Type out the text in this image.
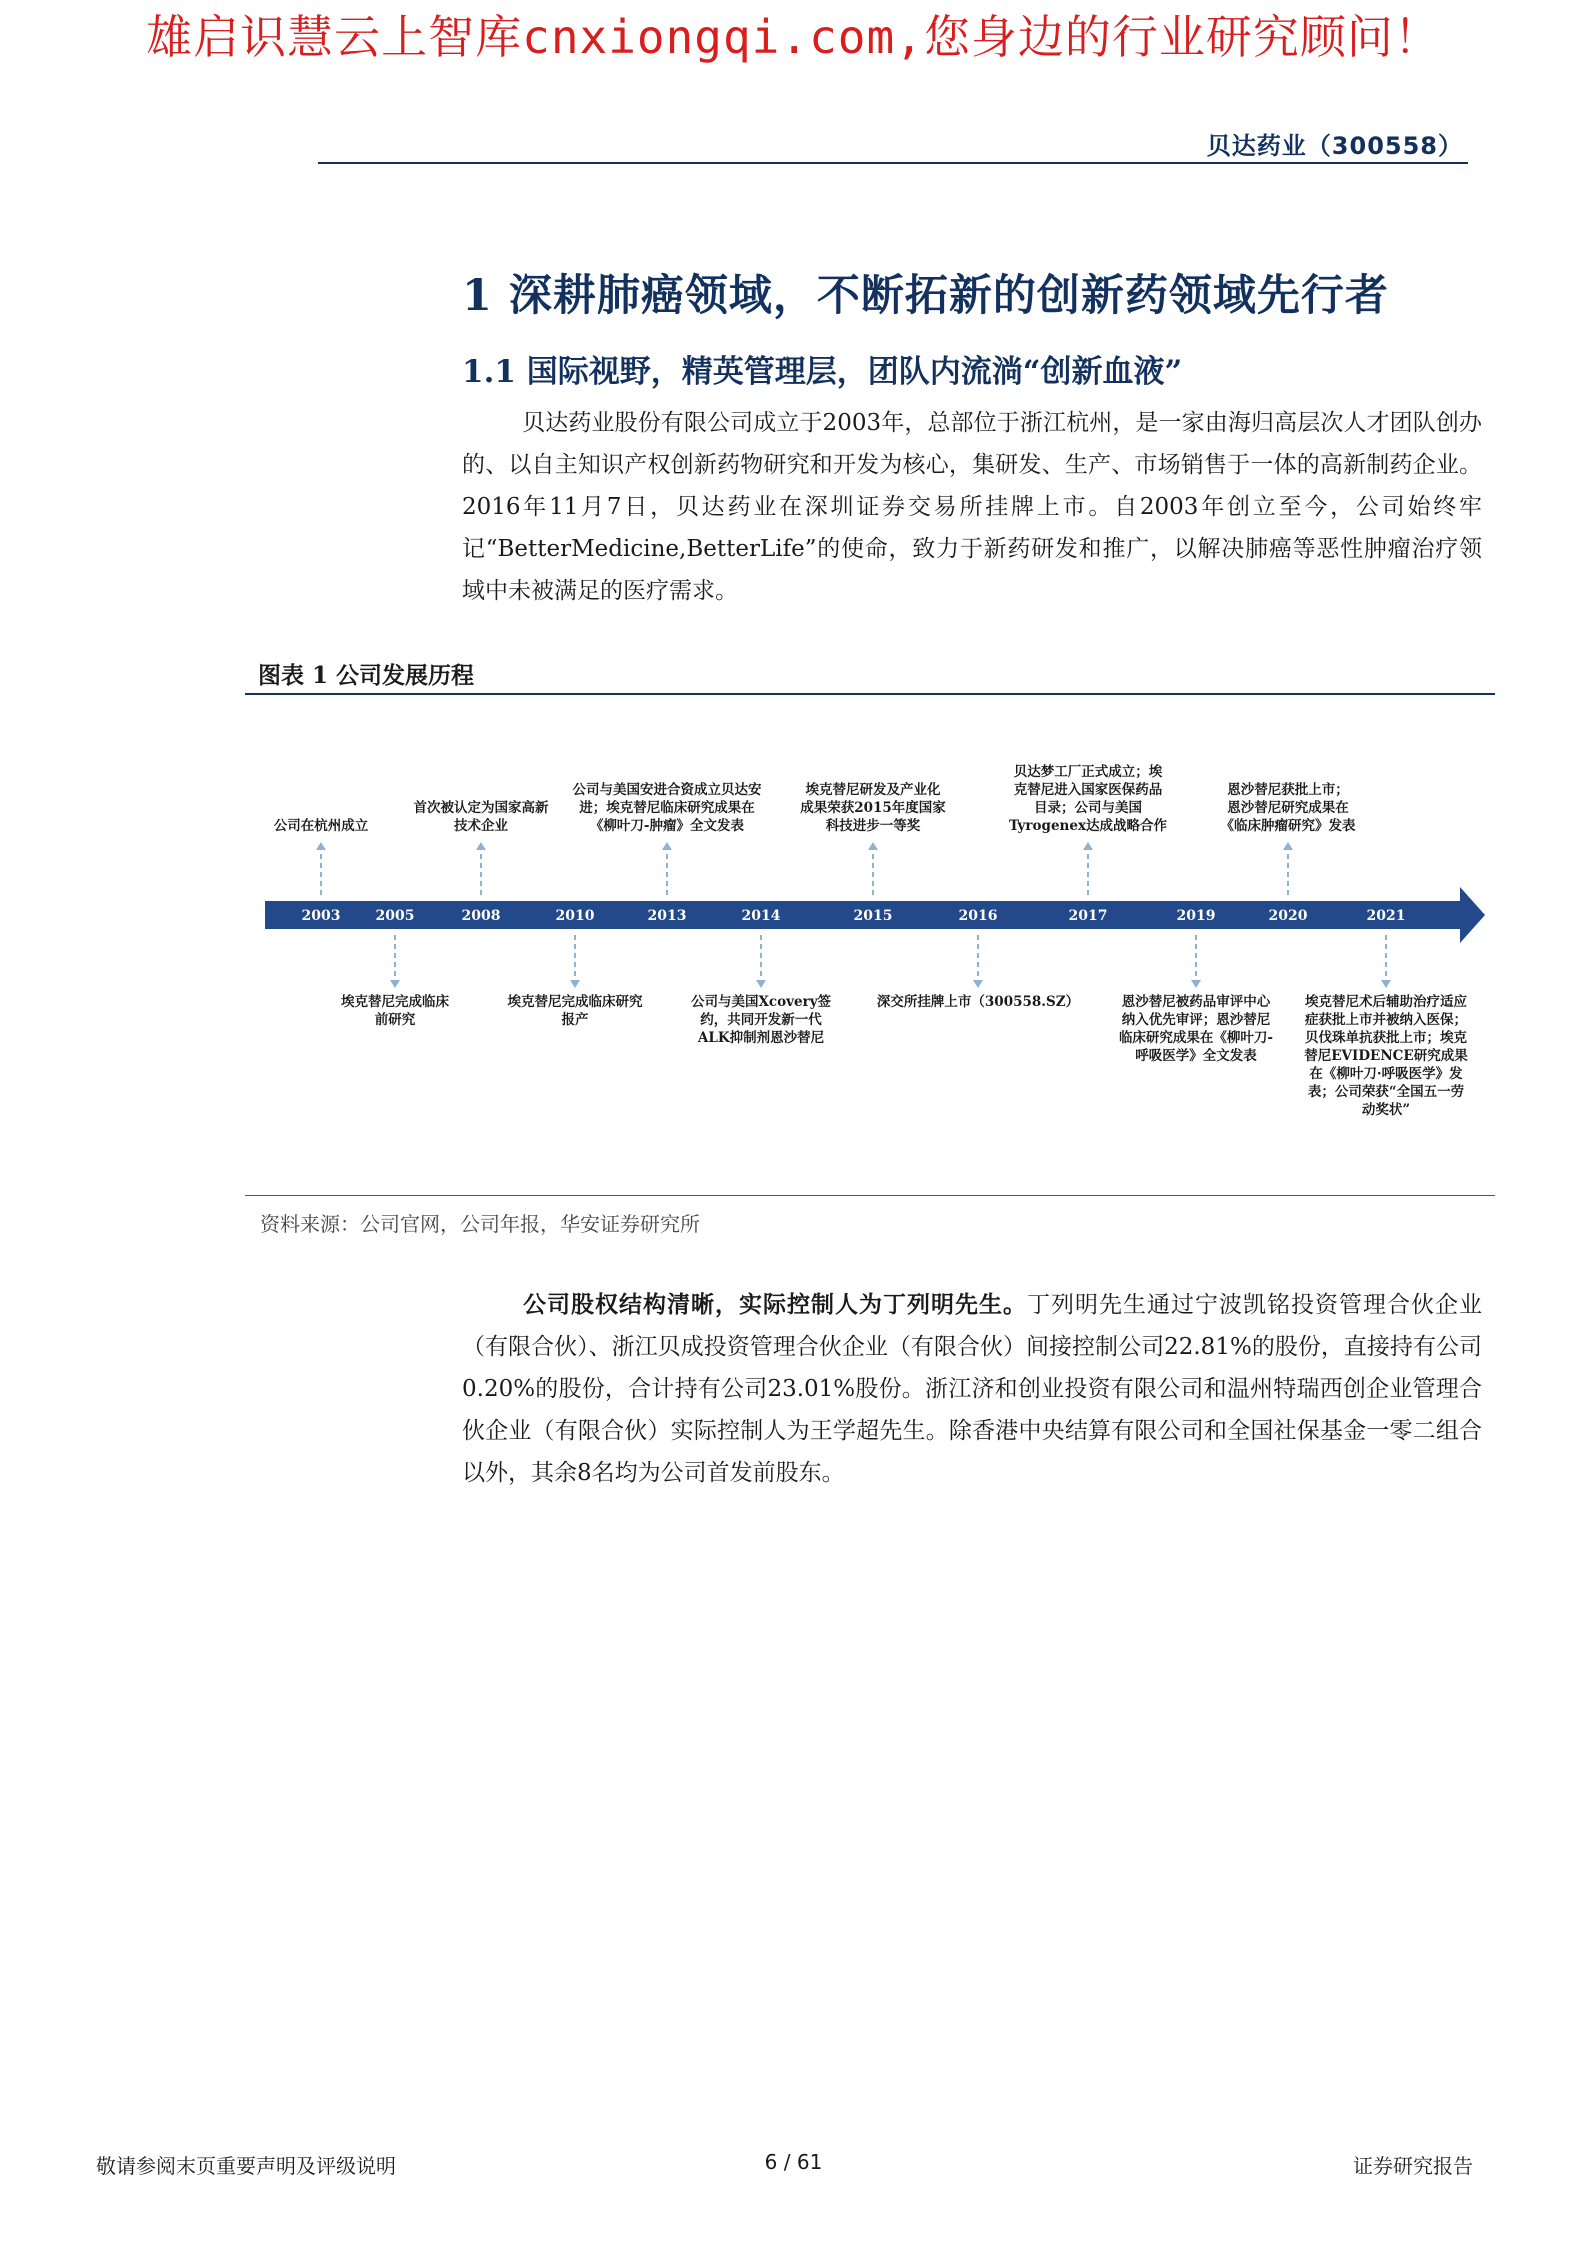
雄启识慧云上智库cnxiongqi.com,您身边的行业研究顾问！
贝达药业（300558）
1 深耕肺癌领域，不断拓新的创新药领域先行者
1.1 国际视野，精英管理层，团队内流淌“创新血液”
贝达药业股份有限公司成立于2003年，总部位于浙江杭州，是一家由海归高层次人才团队创办的、以自主知识产权创新药物研究和开发为核心，集研发、生产、市场销售于一体的高新制药企业。2016年11月7日，贝达药业在深圳证券交易所挂牌上市。自2003年创立至今，公司始终牢记“BetterMedicine,BetterLife”的使命，致力于新药研发和推广，以解决肺癌等恶性肿瘤治疗领域中未被满足的医疗需求。
图表 1 公司发展历程
2003	2005	2008	2010	2013	2014	2015	2016	2017	2019	2020	2021
公司在杭州成立
首次被认定为国家高新
技术企业
公司与美国安进合资成立贝达安
进；埃克替尼临床研究成果在
《柳叶刀-肿瘤》全文发表
埃克替尼研发及产业化
成果荣获2015年度国家
科技进步一等奖
贝达梦工厂正式成立；埃
克替尼进入国家医保药品
目录；公司与美国
Tyrogenex达成战略合作
恩沙替尼获批上市；
恩沙替尼研究成果在
《临床肿瘤研究》发表
埃克替尼完成临床
前研究
埃克替尼完成临床研究
报产
公司与美国Xcovery签
约，共同开发新一代
ALK抑制剂恩沙替尼
深交所挂牌上市（300558.SZ）	恩沙替尼被药品审评中心
纳入优先审评；恩沙替尼
临床研究成果在《柳叶刀-
呼吸医学》全文发表
埃克替尼术后辅助治疗适应
症获批上市并被纳入医保；
贝伐珠单抗获批上市；埃克
替尼EVIDENCE研究成果
在《柳叶刀·呼吸医学》发
表；公司荣获“全国五一劳
动奖状”
资料来源：公司官网，公司年报，华安证券研究所
公司股权结构清晰，实际控制人为丁列明先生。丁列明先生通过宁波凯铭投资管理合伙企业（有限合伙）、浙江贝成投资管理合伙企业（有限合伙）间接控制公司22.81%的股份，直接持有公司0.20%的股份，合计持有公司23.01%股份。浙江济和创业投资有限公司和温州特瑞西创企业管理合伙企业（有限合伙）实际控制人为王学超先生。除香港中央结算有限公司和全国社保基金一零二组合以外，其余8名均为公司首发前股东。
敬请参阅末页重要声明及评级说明	6 / 61	证券研究报告
